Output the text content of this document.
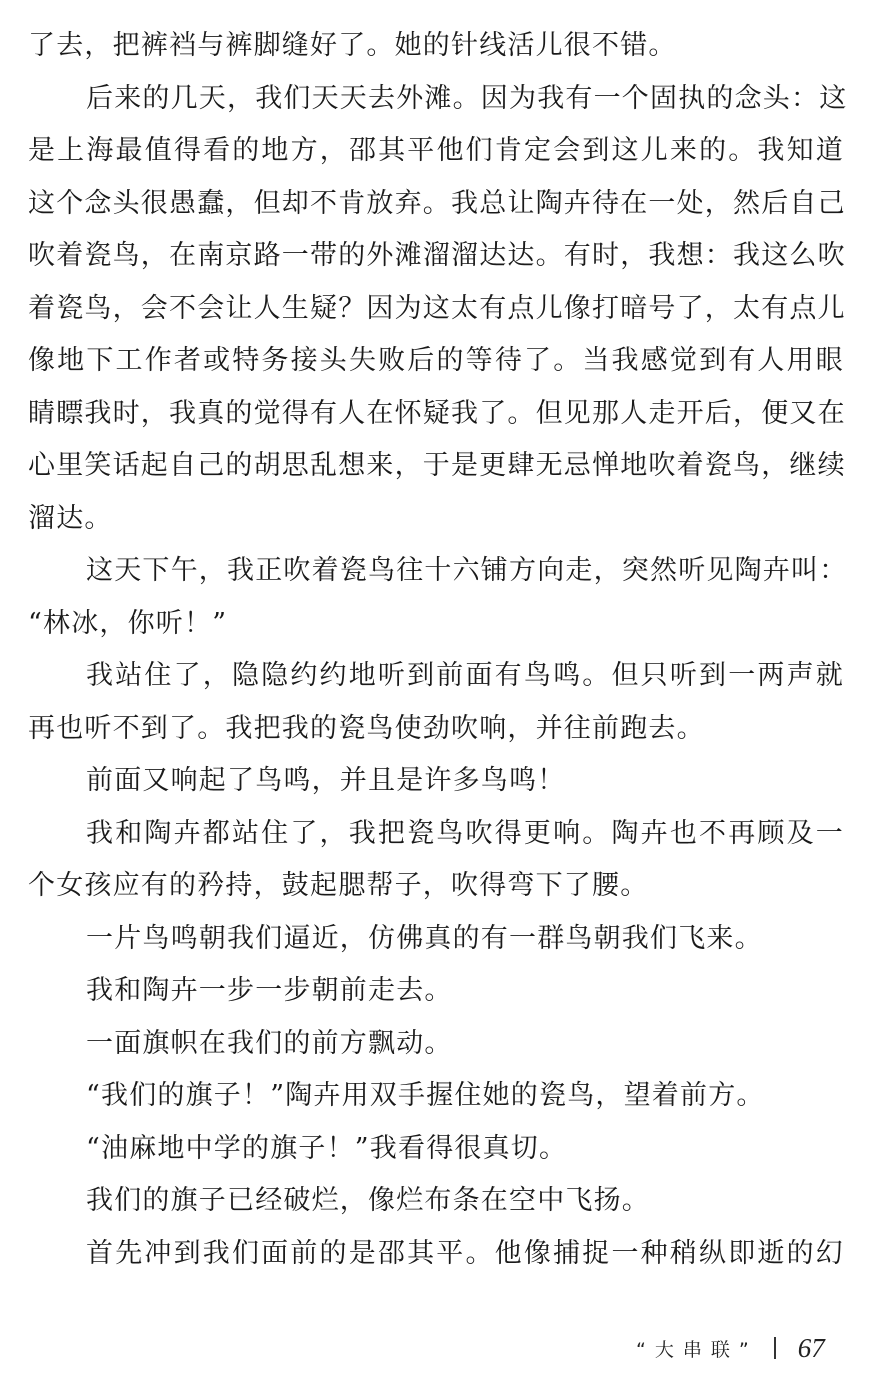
了去，把裤裆与裤脚缝好了。她的针线活儿很不错。
后来的几天，我们天天去外滩。因为我有一个固执的念头：这
是上海最值得看的地方，邵其平他们肯定会到这儿来的。我知道
这个念头很愚蠢，但却不肯放弃。我总让陶卉待在一处，然后自己
吹着瓷鸟，在南京路一带的外滩溜溜达达。有时，我想：我这么吹
着瓷鸟，会不会让人生疑？因为这太有点儿像打暗号了，太有点儿
像地下工作者或特务接头失败后的等待了。当我感觉到有人用眼
睛瞟我时，我真的觉得有人在怀疑我了。但见那人走开后，便又在
心里笑话起自己的胡思乱想来，于是更肆无忌惮地吹着瓷鸟，继续
溜达。
这天下午，我正吹着瓷鸟往十六铺方向走，突然听见陶卉叫：
“林冰，你听！”
我站住了，隐隐约约地听到前面有鸟鸣。但只听到一两声就
再也听不到了。我把我的瓷鸟使劲吹响，并往前跑去。
前面又响起了鸟鸣，并且是许多鸟鸣！
我和陶卉都站住了，我把瓷鸟吹得更响。陶卉也不再顾及一
个女孩应有的矜持，鼓起腮帮子，吹得弯下了腰。
一片鸟鸣朝我们逼近，仿佛真的有一群鸟朝我们飞来。
我和陶卉一步一步朝前走去。
一面旗帜在我们的前方飘动。
“我们的旗子！”陶卉用双手握住她的瓷鸟，望着前方。
“油麻地中学的旗子！”我看得很真切。
我们的旗子已经破烂，像烂布条在空中飞扬。
首先冲到我们面前的是邵其平。他像捕捉一种稍纵即逝的幻
“大串联” 67
